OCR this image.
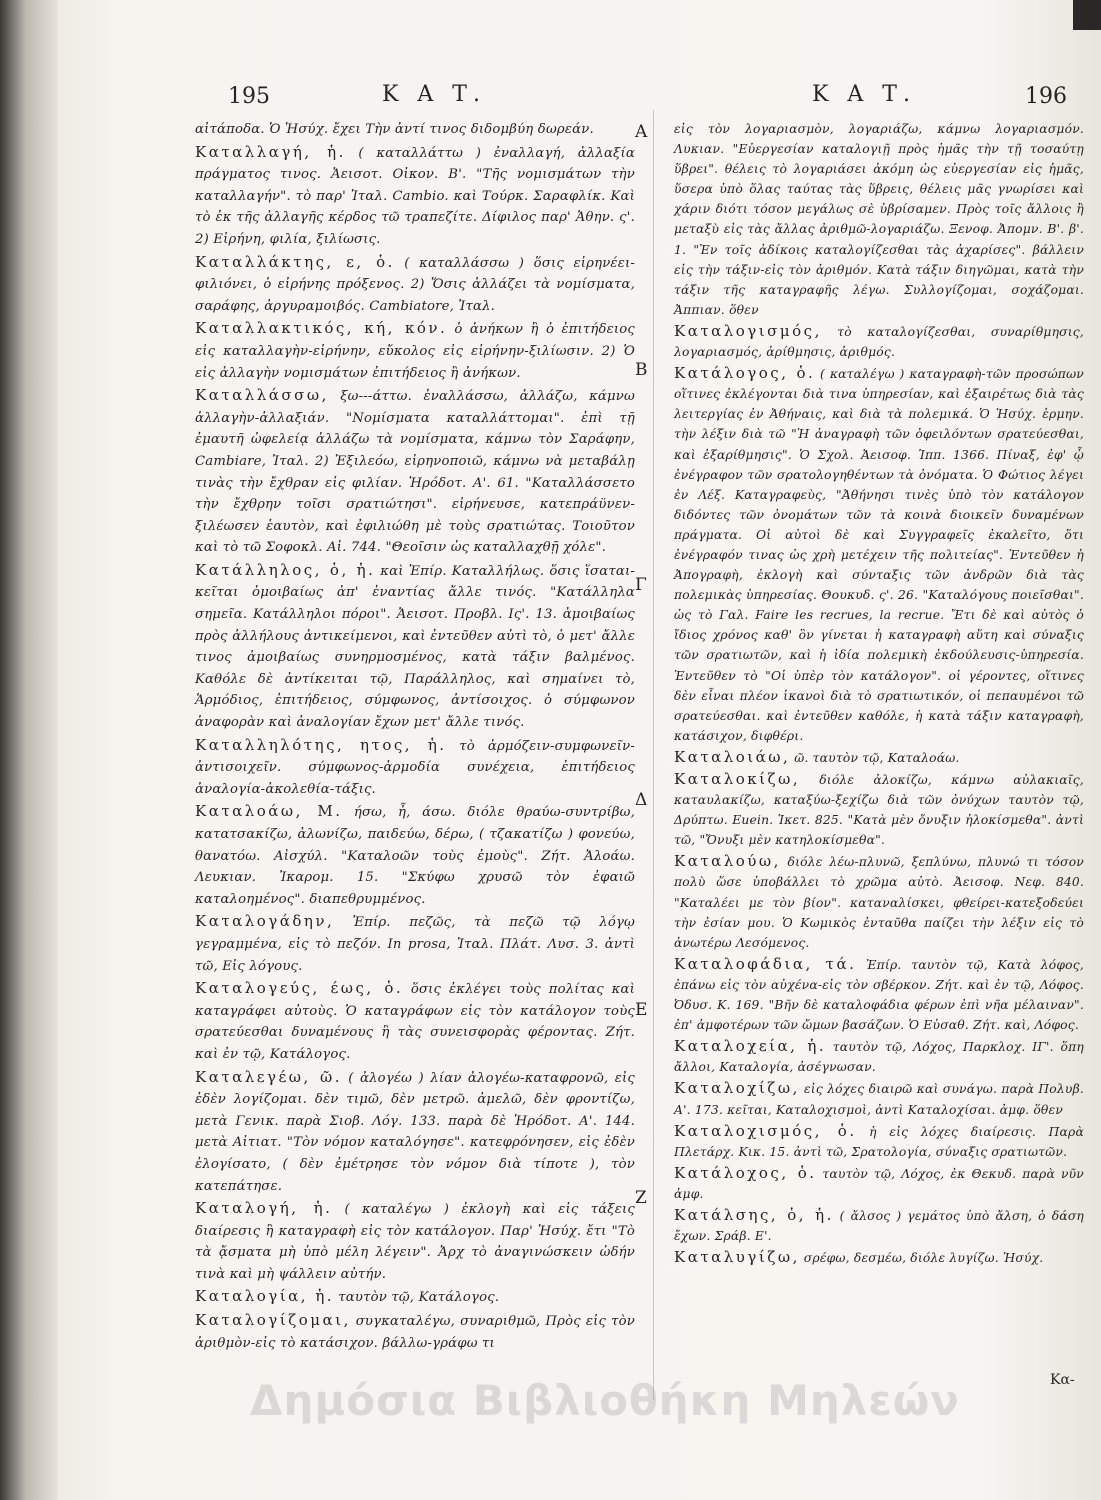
195	Κ Α Τ.	Κ Α Τ.	196
αἰτάποδα. Ὁ Ἡσύχ. ἔχει Τὴν ἀντί τινος διδομβύη δωρεάν.
Καταλλαγή, ἡ. ( καταλλάττω ) ἐναλλαγή, ἀλλαξία πράγματος τινος. Ἀεισοτ. Οἰκον. Β'. "Τῆς νομισμάτων τὴν καταλλαγήν". τὸ παρ' Ἰταλ. Cambio. καὶ Τούρκ. Σαραφλίκ. Καὶ τὸ ἐκ τῆς ἀλλαγῆς κέρδος τῶ τραπεζίτε. Δίφιλος παρ' Ἀθην. ς'. 2) Εἰρήνη, φιλία, ξιλίωσις.
Καταλλάκτης, ε, ὁ. ( καταλλάσσω ) ὅσις εἰρηνέει-φιλιόνει, ὁ εἰρήνης πρόξενος. 2) Ὅσις ἀλλάζει τὰ νομίσματα, σαράφης, ἀργυραμοιβός. Cambiatore, Ἰταλ.
Καταλλακτικός, κή, κόν. ὁ ἀνήκων ἢ ὁ ἐπιτήδειος εἰς καταλλαγὴν-εἰρήνην, εὔκολος εἰς εἰρήνην-ξιλίωσιν. 2) Ὁ εἰς ἀλλαγὴν νομισμάτων ἐπιτήδειος ἢ ἀνήκων.
Καταλλάσσω, ξω---άττω. ἐναλλάσσω, ἀλλάζω, κάμνω ἀλλαγὴν-ἀλλαξιάν. "Νομίσματα καταλλάττομαι". ἐπὶ τῇ ἐμαυτῆ ὠφελείᾳ ἀλλάζω τὰ νομίσματα, κάμνω τὸν Σαράφην, Cambiare, Ἰταλ. 2) Ἐξιλεόω, εἰρηνοποιῶ, κάμνω νὰ μεταβάλῃ τινὰς τὴν ἔχθραν εἰς φιλίαν. Ἡρόδοτ. Α'. 61. "Καταλλάσσετο τὴν ἔχθρην τοῖσι σρατιώτησι". εἰρήνευσε, κατεπράϋνεν-ξιλέωσεν ἑαυτὸν, καὶ ἐφιλιώθη μὲ τοὺς σρατιώτας. Τοιοῦτον καὶ τὸ τῶ Σοφοκλ. Αἰ. 744. "Θεοῖσιν ὡς καταλλαχθῇ χόλε".
Κατάλληλος, ὁ, ἡ. καὶ Ἐπίρ. Καταλλήλως. ὅσις ἵσαται-κεῖται ὁμοιβαίως ἀπ' ἐναντίας ἄλλε τινός. "Κατάλληλα σημεῖα. Κατάλληλοι πόροι". Ἀεισοτ. Προβλ. Ις'. 13. ἀμοιβαίως πρὸς ἀλλήλους ἀντικείμενοι, καὶ ἐντεῦθεν αὐτὶ τὸ, ὁ μετ' ἄλλε τινος ἀμοιβαίως συνηρμοσμένος, κατὰ τάξιν βαλμένος. Καθόλε δὲ ἀντίκειται τῷ, Παράλληλος, καὶ σημαίνει τὸ, Ἁρμόδιος, ἐπιτήδειος, σύμφωνος, ἀντίσοιχος. ὁ σύμφωνον ἀναφορὰν καὶ ἀναλογίαν ἔχων μετ' ἄλλε τινός.
Καταλληλότης, ητος, ἡ. τὸ ἁρμόζειν-συμφωνεῖν-ἀντισοιχεῖν. σύμφωνος-ἁρμοδία συνέχεια, ἐπιτήδειος ἀναλογία-ἀκολεθία-τάξις.
Καταλοάω, Μ. ήσω, ἦ, άσω. διόλε θραύω-συντρίβω, κατατσακίζω, ἀλωνίζω, παιδεύω, δέρω, ( τζακατίζω ) φονεύω, θανατόω. Αἰσχύλ. "Καταλοῶν τοὺς ἐμοὺς". Ζήτ. Ἀλοάω. Λευκιαν. Ἰκαρομ. 15. "Σκύφω χρυσῶ τὸν ἐφαιῶ καταλοημένος". διαπεθρυμμένος.
Καταλογάδην, Ἐπίρ. πεζῶς, τὰ πεζῶ τῷ λόγῳ γεγραμμένα, εἰς τὸ πεζόν. In prosa, Ἰταλ. Πλάτ. Λυσ. 3. ἀντὶ τῶ, Εἰς λόγους.
Καταλογεύς, έως, ὁ. ὅσις ἐκλέγει τοὺς πολίτας καὶ καταγράφει αὐτοὺς. Ὁ καταγράφων εἰς τὸν κατάλογον τοὺς σρατεύεσθαι δυναμένους ἢ τὰς συνεισφορὰς φέροντας. Ζήτ. καὶ ἐν τῷ, Κατάλογος.
Καταλεγέω, ῶ. ( ἀλογέω ) λίαν ἀλογέω-καταφρονῶ, εἰς ἐδὲν λογίζομαι. δὲν τιμῶ, δὲν μετρῶ. ἀμελῶ, δὲν φροντίζω, μετὰ Γενικ. παρὰ Σιοβ. Λόγ. 133. παρὰ δὲ Ἡρόδοτ. Α'. 144. μετὰ Αἰτιατ. "Τὸν νόμον καταλόγησε". κατεφρόνησεν, εἰς ἐδὲν ἐλογίσατο, ( δὲν ἐμέτρησε τὸν νόμον διὰ τίποτε ), τὸν κατεπάτησε.
Καταλογή, ἡ. ( καταλέγω ) ἐκλογὴ καὶ εἰς τάξεις διαίρεσις ἢ καταγραφὴ εἰς τὸν κατάλογον. Παρ' Ἡσύχ. ἔτι "Τὸ τὰ ᾄσματα μὴ ὑπὸ μέλη λέγειν". Ἀρχ τὸ ἀναγινώσκειν ὠδήν τινὰ καὶ μὴ ψάλλειν αὐτήν.
Καταλογία, ἡ. ταυτὸν τῷ, Κατάλογος.
Καταλογίζομαι, συγκαταλέγω, συναριθμῶ, Πρὸς εἰς τὸν ἀριθμὸν-εἰς τὸ κατάσιχον. βάλλω-γράφω τι
Α
Β
Γ
Δ
Ε
Ζ
εἰς τὸν λογαριασμὸν, λογαριάζω, κάμνω λογαριασμόν. Λυκιαν. "Εὐεργεσίαν καταλογιῇ πρὸς ἡμᾶς τὴν τῇ τοσαύτῃ ὕβρει". θέλεις τὸ λογαριάσει ἀκόμη ὡς εὐεργεσίαν εἰς ἡμᾶς, ὕσερα ὑπὸ ὅλας ταύτας τὰς ὕβρεις, θέλεις μᾶς γνωρίσει καὶ χάριν διότι τόσον μεγάλως σὲ ὑβρίσαμεν. Πρὸς τοῖς ἄλλοις ἢ μεταξὺ εἰς τὰς ἄλλας ἀριθμῶ-λογαριάζω. Ξενοφ. Ἀπομν. Β'. β'. 1. "Ἐν τοῖς ἀδίκοις καταλογίζεσθαι τὰς ἀχαρίσες". βάλλειν εἰς τὴν τάξιν-εἰς τὸν ἀριθμόν. Κατὰ τάξιν διηγῶμαι, κατὰ τὴν τάξιν τῆς καταγραφῆς λέγω. Συλλογίζομαι, σοχάζομαι. Ἀππιαν. ὅθεν
Καταλογισμός, τὸ καταλογίζεσθαι, συναρίθμησις, λογαριασμός, ἀρίθμησις, ἀριθμός.
Κατάλογος, ὁ. ( καταλέγω ) καταγραφὴ-τῶν προσώπων οἵτινες ἐκλέγονται διὰ τινα ὑπηρεσίαν, καὶ ἐξαιρέτως διὰ τὰς λειτεργίας ἐν Ἀθήναις, καὶ διὰ τὰ πολεμικά. Ὁ Ἡσύχ. ἑρμην. τὴν λέξιν διὰ τῶ "Ἡ ἀναγραφὴ τῶν ὀφειλόντων σρατεύεσθαι, καὶ ἐξαρίθμησις". Ὁ Σχολ. Ἀεισοφ. Ἱππ. 1366. Πίναξ, ἐφ' ᾧ ἐνέγραφον τῶν σρατολογηθέντων τὰ ὀνόματα. Ὁ Φώτιος λέγει ἐν Λέξ. Καταγραφεὺς, "Ἀθήνησι τινὲς ὑπὸ τὸν κατάλογον διδόντες τῶν ὀνομάτων τῶν τὰ κοινὰ διοικεῖν δυναμένων πράγματα. Οἱ αὐτοὶ δὲ καὶ Συγγραφεῖς ἐκαλεῖτο, ὅτι ἐνέγραφόν τινας ὡς χρὴ μετέχειν τῆς πολιτείας". Ἐντεῦθεν ἡ Ἀπογραφὴ, ἐκλογὴ καὶ σύνταξις τῶν ἀνδρῶν διὰ τὰς πολεμικὰς ὑπηρεσίας. Θουκυδ. ς'. 26. "Καταλόγους ποιεῖσθαι". ὡς τὸ Γαλ. Faire les recrues, la recrue. Ἔτι δὲ καὶ αὐτὸς ὁ ἴδιος χρόνος καθ' ὃν γίνεται ἡ καταγραφὴ αὕτη καὶ σύναξις τῶν σρατιωτῶν, καὶ ἡ ἰδία πολεμικὴ ἐκδούλευσις-ὑπηρεσία. Ἐντεῦθεν τὸ "Οἱ ὑπὲρ τὸν κατάλογον". οἱ γέροντες, οἵτινες δὲν εἶναι πλέον ἱκανοὶ διὰ τὸ σρατιωτικόν, οἱ πεπαυμένοι τῶ σρατεύεσθαι. καὶ ἐντεῦθεν καθόλε, ἡ κατὰ τάξιν καταγραφὴ, κατάσιχον, διφθέρι.
Καταλοιάω, ῶ. ταυτὸν τῷ, Καταλοάω.
Καταλοκίζω, διόλε ἀλοκίζω, κάμνω αὐλακιαῖς, καταυλακίζω, καταξύω-ξεχίζω διὰ τῶν ὀνύχων ταυτὸν τῷ, Δρύπτω. Euein. Ἱκετ. 825. "Κατὰ μὲν ὄνυξιν ἠλοκίσμεθα". ἀντὶ τῶ, "Ὄνυξι μὲν κατηλοκίσμεθα".
Καταλούω, διόλε λέω-πλυνῶ, ξεπλύνω, πλυνώ τι τόσον πολὺ ὥσε ὑποβάλλει τὸ χρῶμα αὐτὸ. Ἀεισοφ. Νεφ. 840. "Καταλέει με τὸν βίον". καταναλίσκει, φθείρει-κατεξοδεύει τὴν ἐσίαν μου. Ὁ Κωμικὸς ἐνταῦθα παίζει τὴν λέξιν εἰς τὸ ἀνωτέρω Λεσόμενος.
Καταλοφάδια, τά. Ἐπίρ. ταυτὸν τῷ, Κατὰ λόφος, ἐπάνω εἰς τὸν αὐχένα-εἰς τὸν σβέρκον. Ζήτ. καὶ ἐν τῷ, Λόφος. Ὀδυσ. Κ. 169. "Βῆν δὲ καταλοφάδια φέρων ἐπὶ νῆα μέλαιναν". ἐπ' ἀμφοτέρων τῶν ὤμων βασάζων. Ὁ Εὐσαθ. Ζήτ. καὶ, Λόφος.
Καταλοχεία, ἡ. ταυτὸν τῷ, Λόχος, Παρκλοχ. ΙΓ'. ὅπη ἄλλοι, Καταλογία, ἀσέγνωσαν.
Καταλοχίζω, εἰς λόχες διαιρῶ καὶ συνάγω. παρὰ Πολυβ. Α'. 173. κεῖται, Καταλοχισμοὶ, ἀντὶ Καταλοχίσαι. ἀμφ. ὅθεν
Καταλοχισμός, ὁ. ἡ εἰς λόχες διαίρεσις. Παρὰ Πλετάρχ. Κικ. 15. ἀντὶ τῶ, Σρατολογία, σύναξις σρατιωτῶν.
Κατάλοχος, ὁ. ταυτὸν τῷ, Λόχος, ἐκ Θεκυδ. παρὰ νῦν ἀμφ.
Κατάλσης, ὁ, ἡ. ( ἄλσος ) γεμάτος ὑπὸ ἄλση, ὁ δάση ἔχων. Σράβ. Ε'.
Καταλυγίζω, σρέφω, δεσμέω, διόλε λυγίζω. Ἡσύχ.
Κα-
Δημόσια Βιβλιοθήκη Μηλεών
